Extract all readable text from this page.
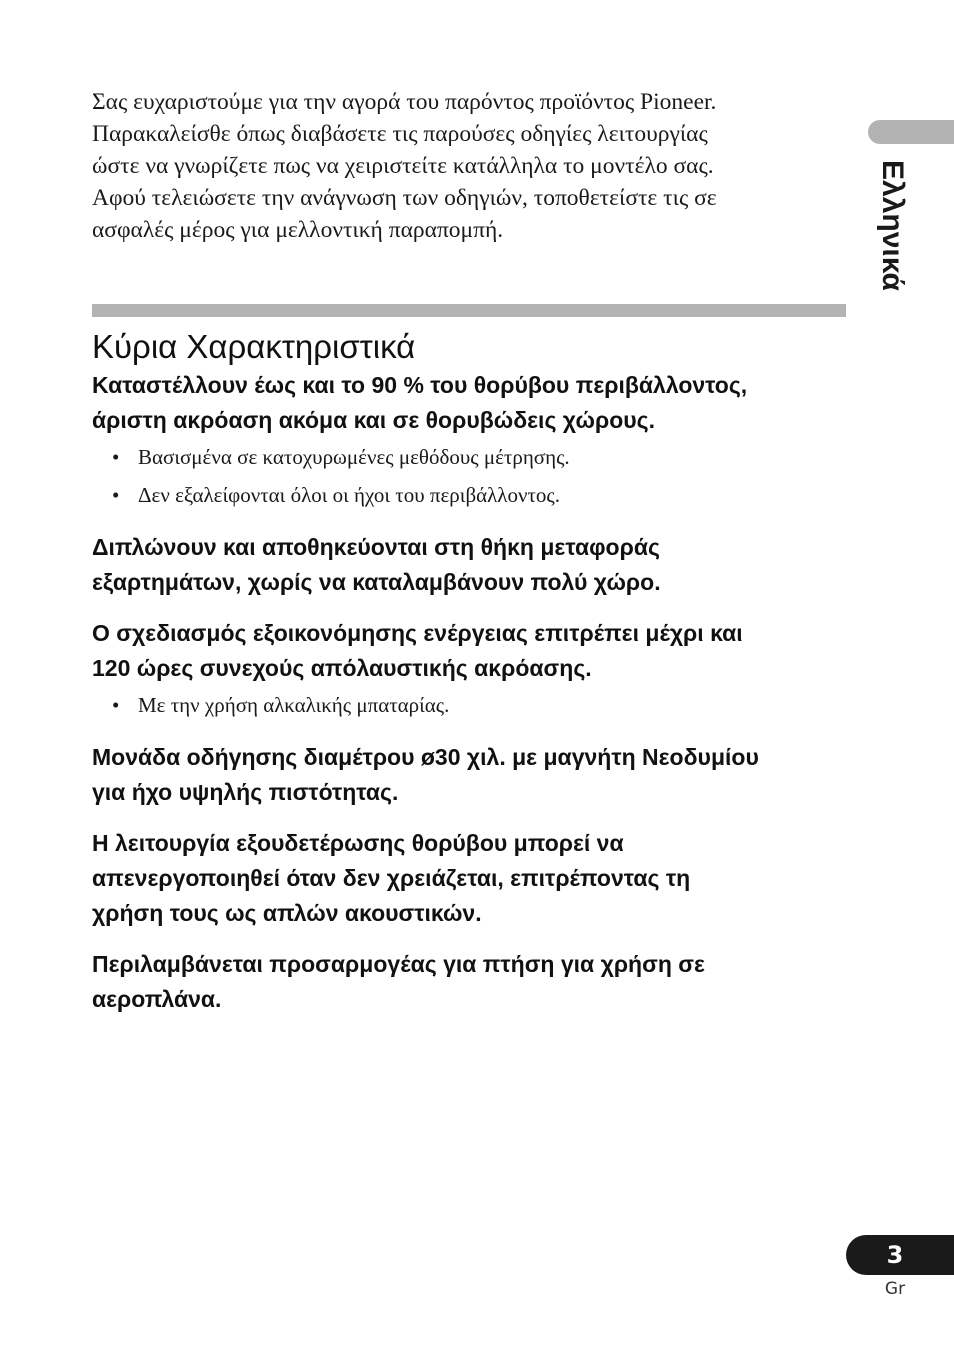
Σας ευχαριστούμε για την αγορά του παρόντος προϊόντος Pioneer.
Παρακαλείσθε όπως διαβάσετε τις παρούσες οδηγίες λειτουργίας
ώστε να γνωρίζετε πως να χειριστείτε κατάλληλα το μοντέλο σας.
Αφού τελειώσετε την ανάγνωση των οδηγιών, τοποθετείστε τις σε
ασφαλές μέρος για μελλοντική παραπομπή.	Ελληνικά
Κύρια Χαρακτηριστικά
Καταστέλλουν έως και το 90 % του θορύβου περιβάλλοντος,
άριστη ακρόαση ακόμα και σε θορυβώδεις χώρους.
• Βασισμένα σε κατοχυρωμένες μεθόδους μέτρησης.
• Δεν εξαλείφονται όλοι οι ήχοι του περιβάλλοντος.
Διπλώνουν και αποθηκεύονται στη θήκη μεταφοράς
εξαρτημάτων, χωρίς να καταλαμβάνουν πολύ χώρο.
Ο σχεδιασμός εξοικονόμησης ενέργειας επιτρέπει μέχρι και
120 ώρες συνεχούς απόλαυστικής ακρόασης.
• Με την χρήση αλκαλικής μπαταρίας.
Μονάδα οδήγησης διαμέτρου ø30 χιλ. με μαγνήτη Νεοδυμίου
για ήχο υψηλής πιστότητας.
Η λειτουργία εξουδετέρωσης θορύβου μπορεί να
απενεργοποιηθεί όταν δεν χρειάζεται, επιτρέποντας τη
χρήση τους ως απλών ακουστικών.
Περιλαμβάνεται προσαρμογέας για πτήση για χρήση σε
αεροπλάνα.
3
Gr
